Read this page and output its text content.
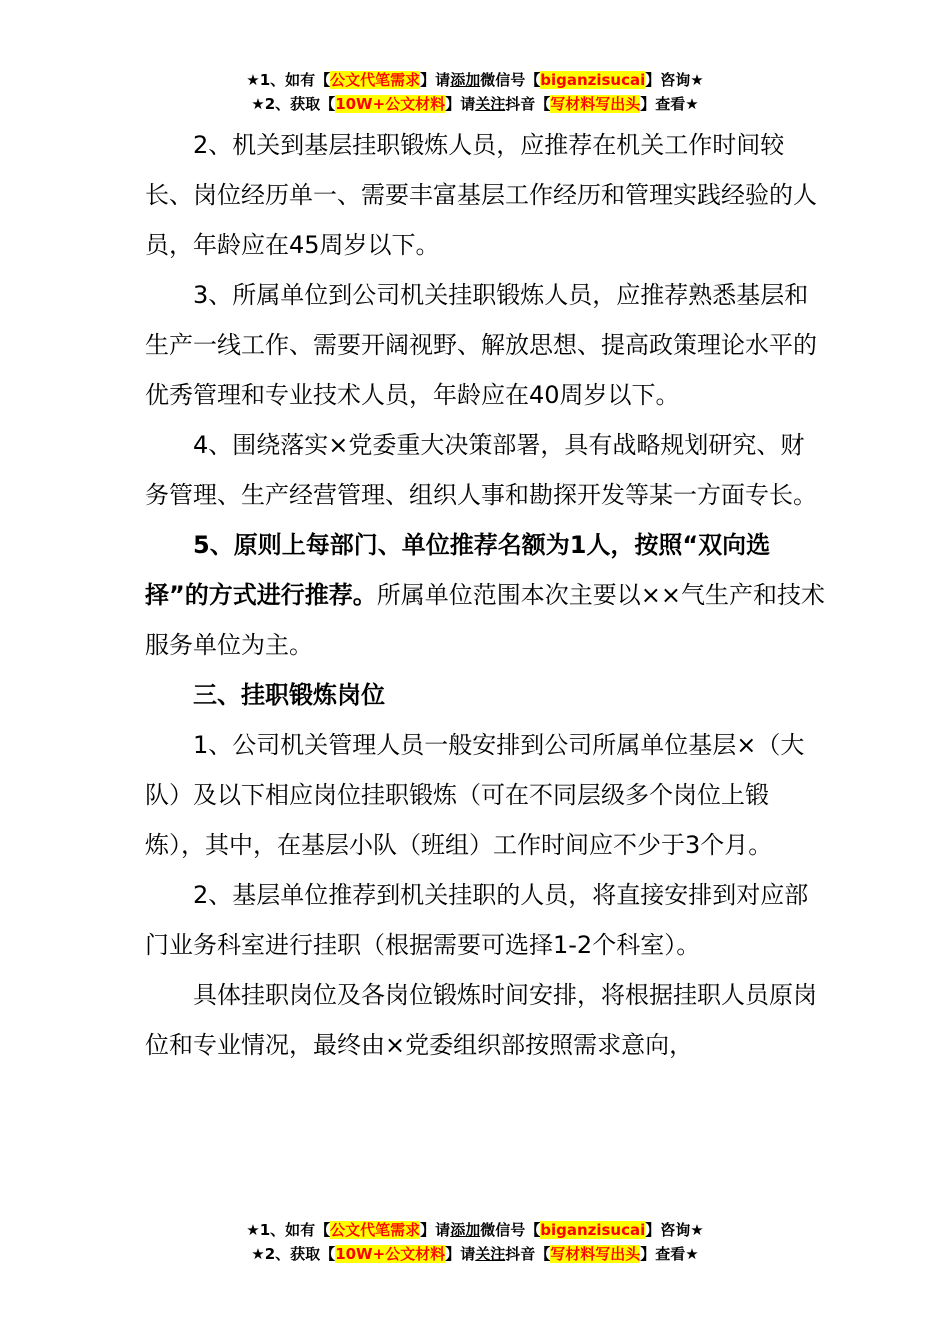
★1、如有【公文代笔需求】请添加微信号【biganzisucai】咨询★
★2、获取【10W+公文材料】请关注抖音【写材料写出头】查看★

2、机关到基层挂职锻炼人员，应推荐在机关工作时间较长、岗位经历单一、需要丰富基层工作经历和管理实践经验的人员，年龄应在45周岁以下。

3、所属单位到公司机关挂职锻炼人员，应推荐熟悉基层和生产一线工作、需要开阔视野、解放思想、提高政策理论水平的优秀管理和专业技术人员，年龄应在40周岁以下。

4、围绕落实×党委重大决策部署，具有战略规划研究、财务管理、生产经营管理、组织人事和勘探开发等某一方面专长。

5、原则上每部门、单位推荐名额为1人，按照“双向选择”的方式进行推荐。所属单位范围本次主要以××气生产和技术服务单位为主。

三、挂职锻炼岗位

1、公司机关管理人员一般安排到公司所属单位基层×（大队）及以下相应岗位挂职锻炼（可在不同层级多个岗位上锻炼），其中，在基层小队（班组）工作时间应不少于3个月。

2、基层单位推荐到机关挂职的人员，将直接安排到对应部门业务科室进行挂职（根据需要可选择1-2个科室）。

具体挂职岗位及各岗位锻炼时间安排，将根据挂职人员原岗位和专业情况，最终由×党委组织部按照需求意向，

★1、如有【公文代笔需求】请添加微信号【biganzisucai】咨询★
★2、获取【10W+公文材料】请关注抖音【写材料写出头】查看★
